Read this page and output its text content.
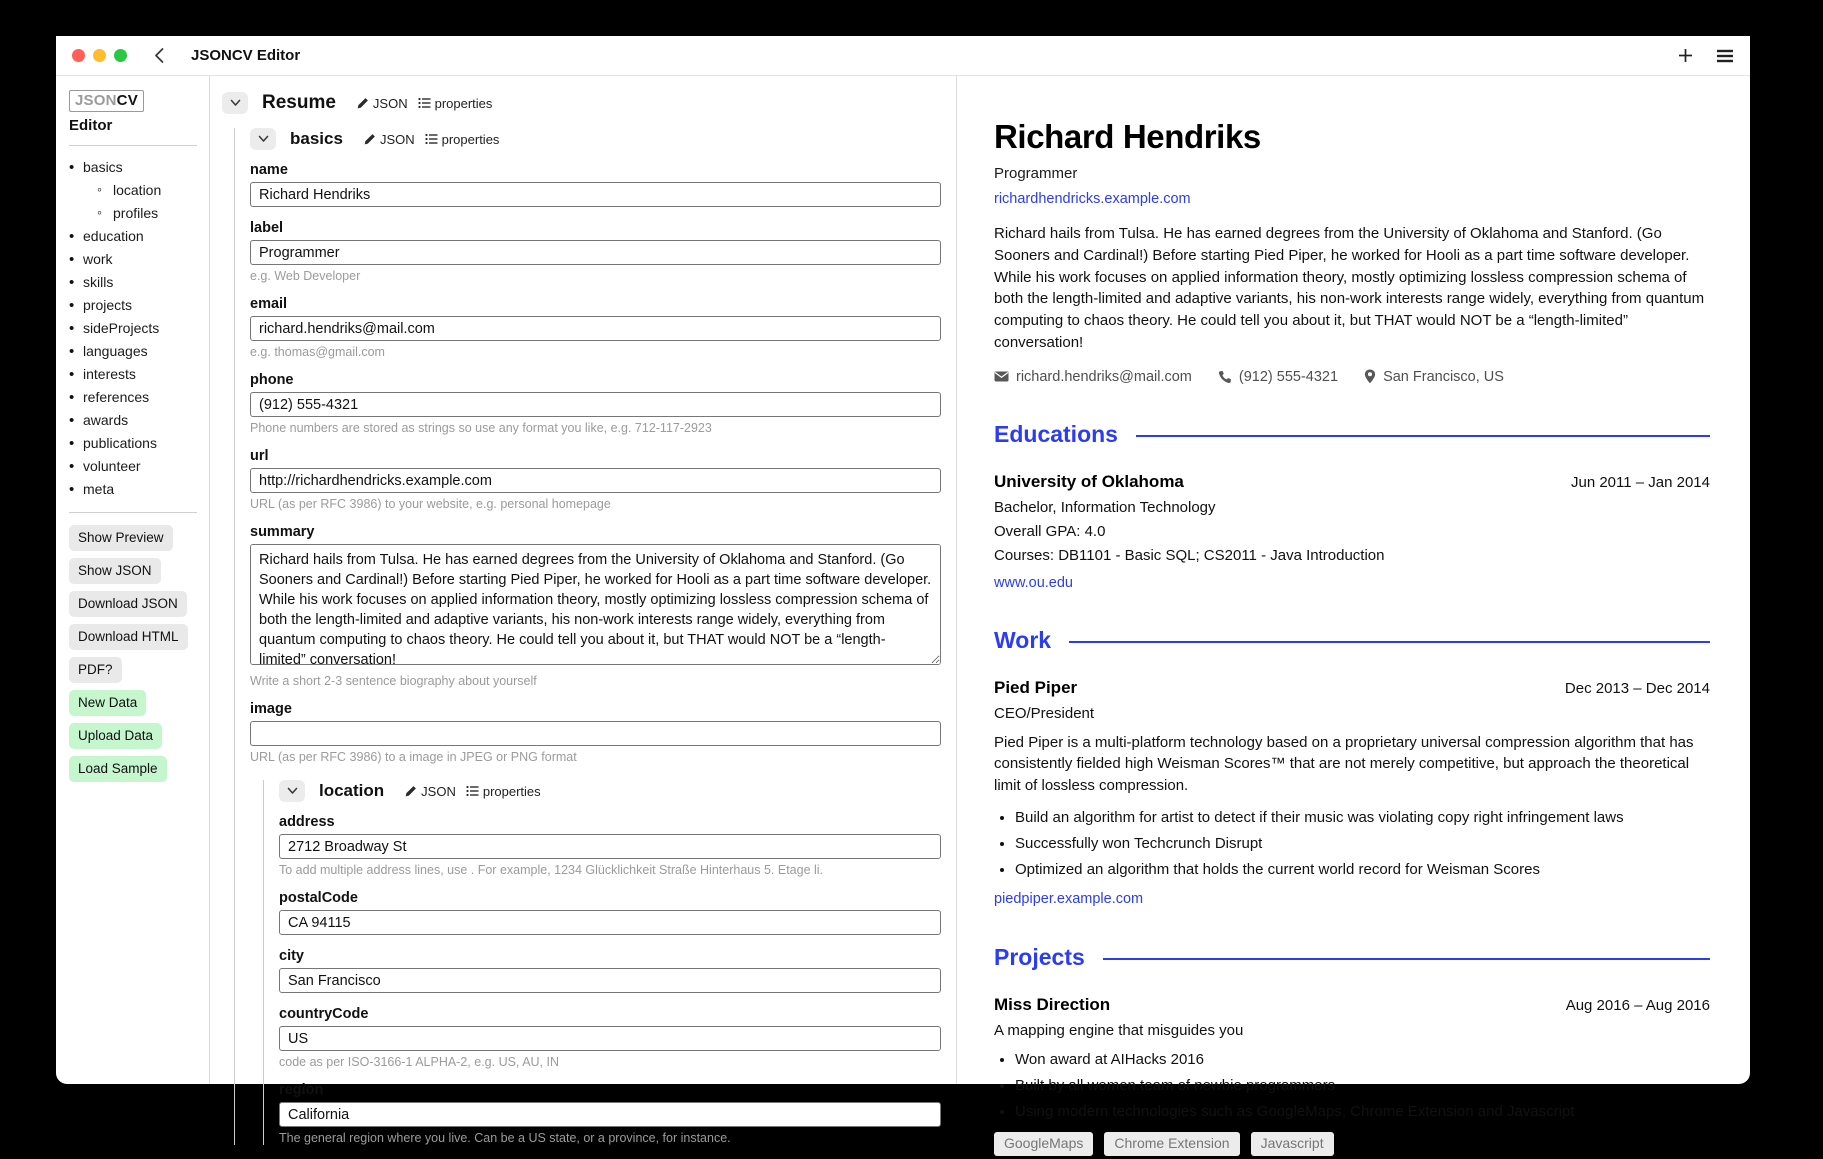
JSONCV Editor
JSONCV
Editor
• basics
◦ location
◦ profiles
• education
• work
• skills
• projects
• sideProjects
• languages
• interests
• references
• awards
• publications
• volunteer
• meta
Show Preview
Show JSON
Download JSON
Download HTML
PDF?
New Data
Upload Data
Load Sample
Resume	JSON properties
basics	JSON properties
name
Richard Hendriks
label
Programmer
e.g. Web Developer
email
richard.hendriks@mail.com
e.g. thomas@gmail.com
phone
(912) 555-4321
Phone numbers are stored as strings so use any format you like, e.g. 712-117-2923
url
http://richardhendricks.example.com
URL (as per RFC 3986) to your website, e.g. personal homepage
summary
Richard hails from Tulsa. He has earned degrees from the University of Oklahoma and Stanford. (Go Sooners and Cardinal!) Before starting Pied Piper, he worked for Hooli as a part time software developer. While his work focuses on applied information theory, mostly optimizing lossless compression schema of both the length-limited and adaptive variants, his non-work interests range widely, everything from quantum computing to chaos theory. He could tell you about it, but THAT would NOT be a “length-limited” conversation!
Write a short 2-3 sentence biography about yourself
image
URL (as per RFC 3986) to a image in JPEG or PNG format
location	JSON properties
address
2712 Broadway St
To add multiple address lines, use . For example, 1234 Glücklichkeit Straße Hinterhaus 5. Etage li.
postalCode
CA 94115
city
San Francisco
countryCode
US
code as per ISO-3166-1 ALPHA-2, e.g. US, AU, IN
region
California
The general region where you live. Can be a US state, or a province, for instance.
Richard Hendriks
Programmer
richardhendricks.example.com

Richard hails from Tulsa. He has earned degrees from the University of Oklahoma and Stanford. (Go Sooners and Cardinal!) Before starting Pied Piper, he worked for Hooli as a part time software developer. While his work focuses on applied information theory, mostly optimizing lossless compression schema of both the length-limited and adaptive variants, his non-work interests range widely, everything from quantum computing to chaos theory. He could tell you about it, but THAT would NOT be a “length-limited” conversation!

richard.hendriks@mail.com	(912) 555-4321	San Francisco, US
Educations
University of Oklahoma	Jun 2011 – Jan 2014
Bachelor, Information Technology
Overall GPA: 4.0
Courses: DB1101 - Basic SQL; CS2011 - Java Introduction
www.ou.edu
Work
Pied Piper	Dec 2013 – Dec 2014
CEO/President

Pied Piper is a multi-platform technology based on a proprietary universal compression algorithm that has consistently fielded high Weisman Scores™ that are not merely competitive, but approach the theoretical limit of lossless compression.

• Build an algorithm for artist to detect if their music was violating copy right infringement laws
• Successfully won Techcrunch Disrupt
• Optimized an algorithm that holds the current world record for Weisman Scores
piedpiper.example.com
Projects
Miss Direction	Aug 2016 – Aug 2016
A mapping engine that misguides you
• Won award at AIHacks 2016
• Built by all women team of newbie programmers
• Using modern technologies such as GoogleMaps, Chrome Extension and Javascript
GoogleMaps	Chrome Extension	Javascript
